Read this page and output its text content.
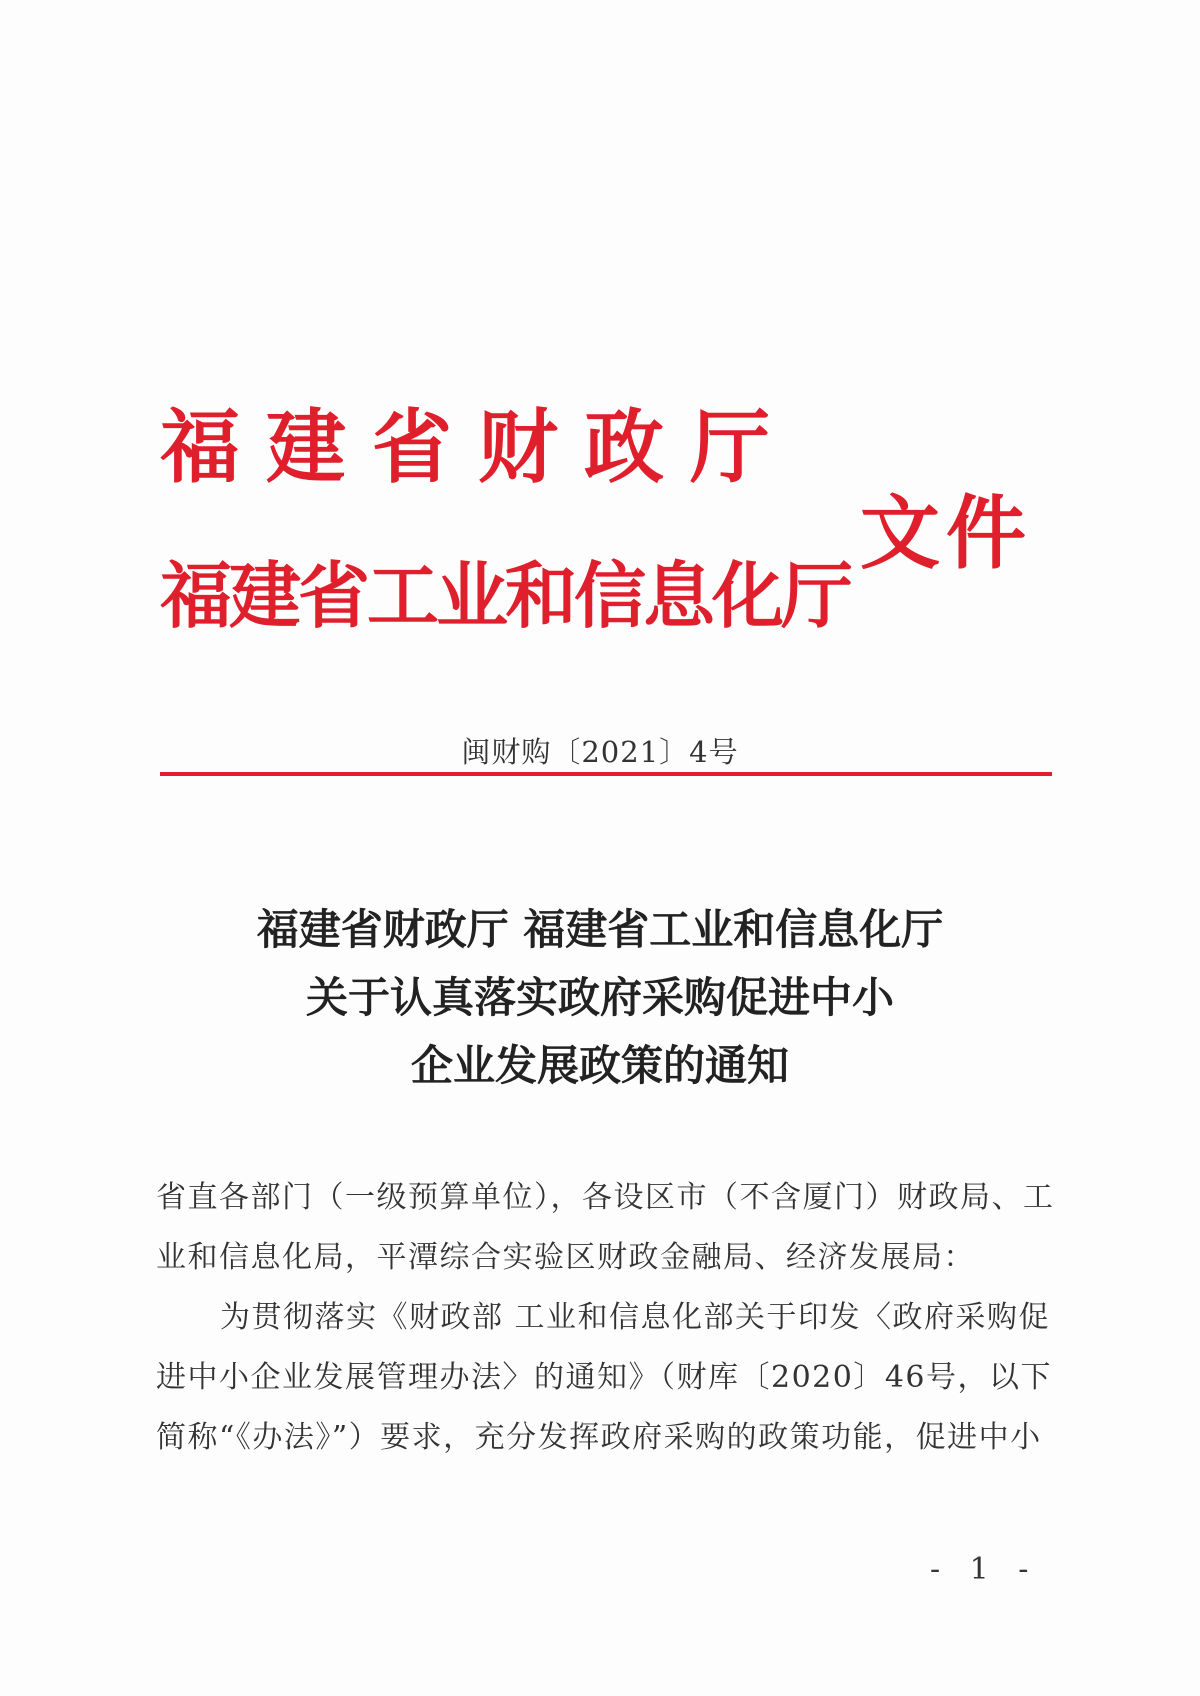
福建省财政厅
福建省工业和信息化厅
文件
闽财购〔2021〕4号
福建省财政厅 福建省工业和信息化厅
关于认真落实政府采购促进中小
企业发展政策的通知
省直各部门（一级预算单位），各设区市（不含厦门）财政局、工
业和信息化局，平潭综合实验区财政金融局、经济发展局：
为贯彻落实《财政部 工业和信息化部关于印发〈政府采购促
进中小企业发展管理办法〉的通知》（财库〔2020〕46号，以下
简称“《办法》”）要求，充分发挥政府采购的政策功能，促进中小
- 1 -
